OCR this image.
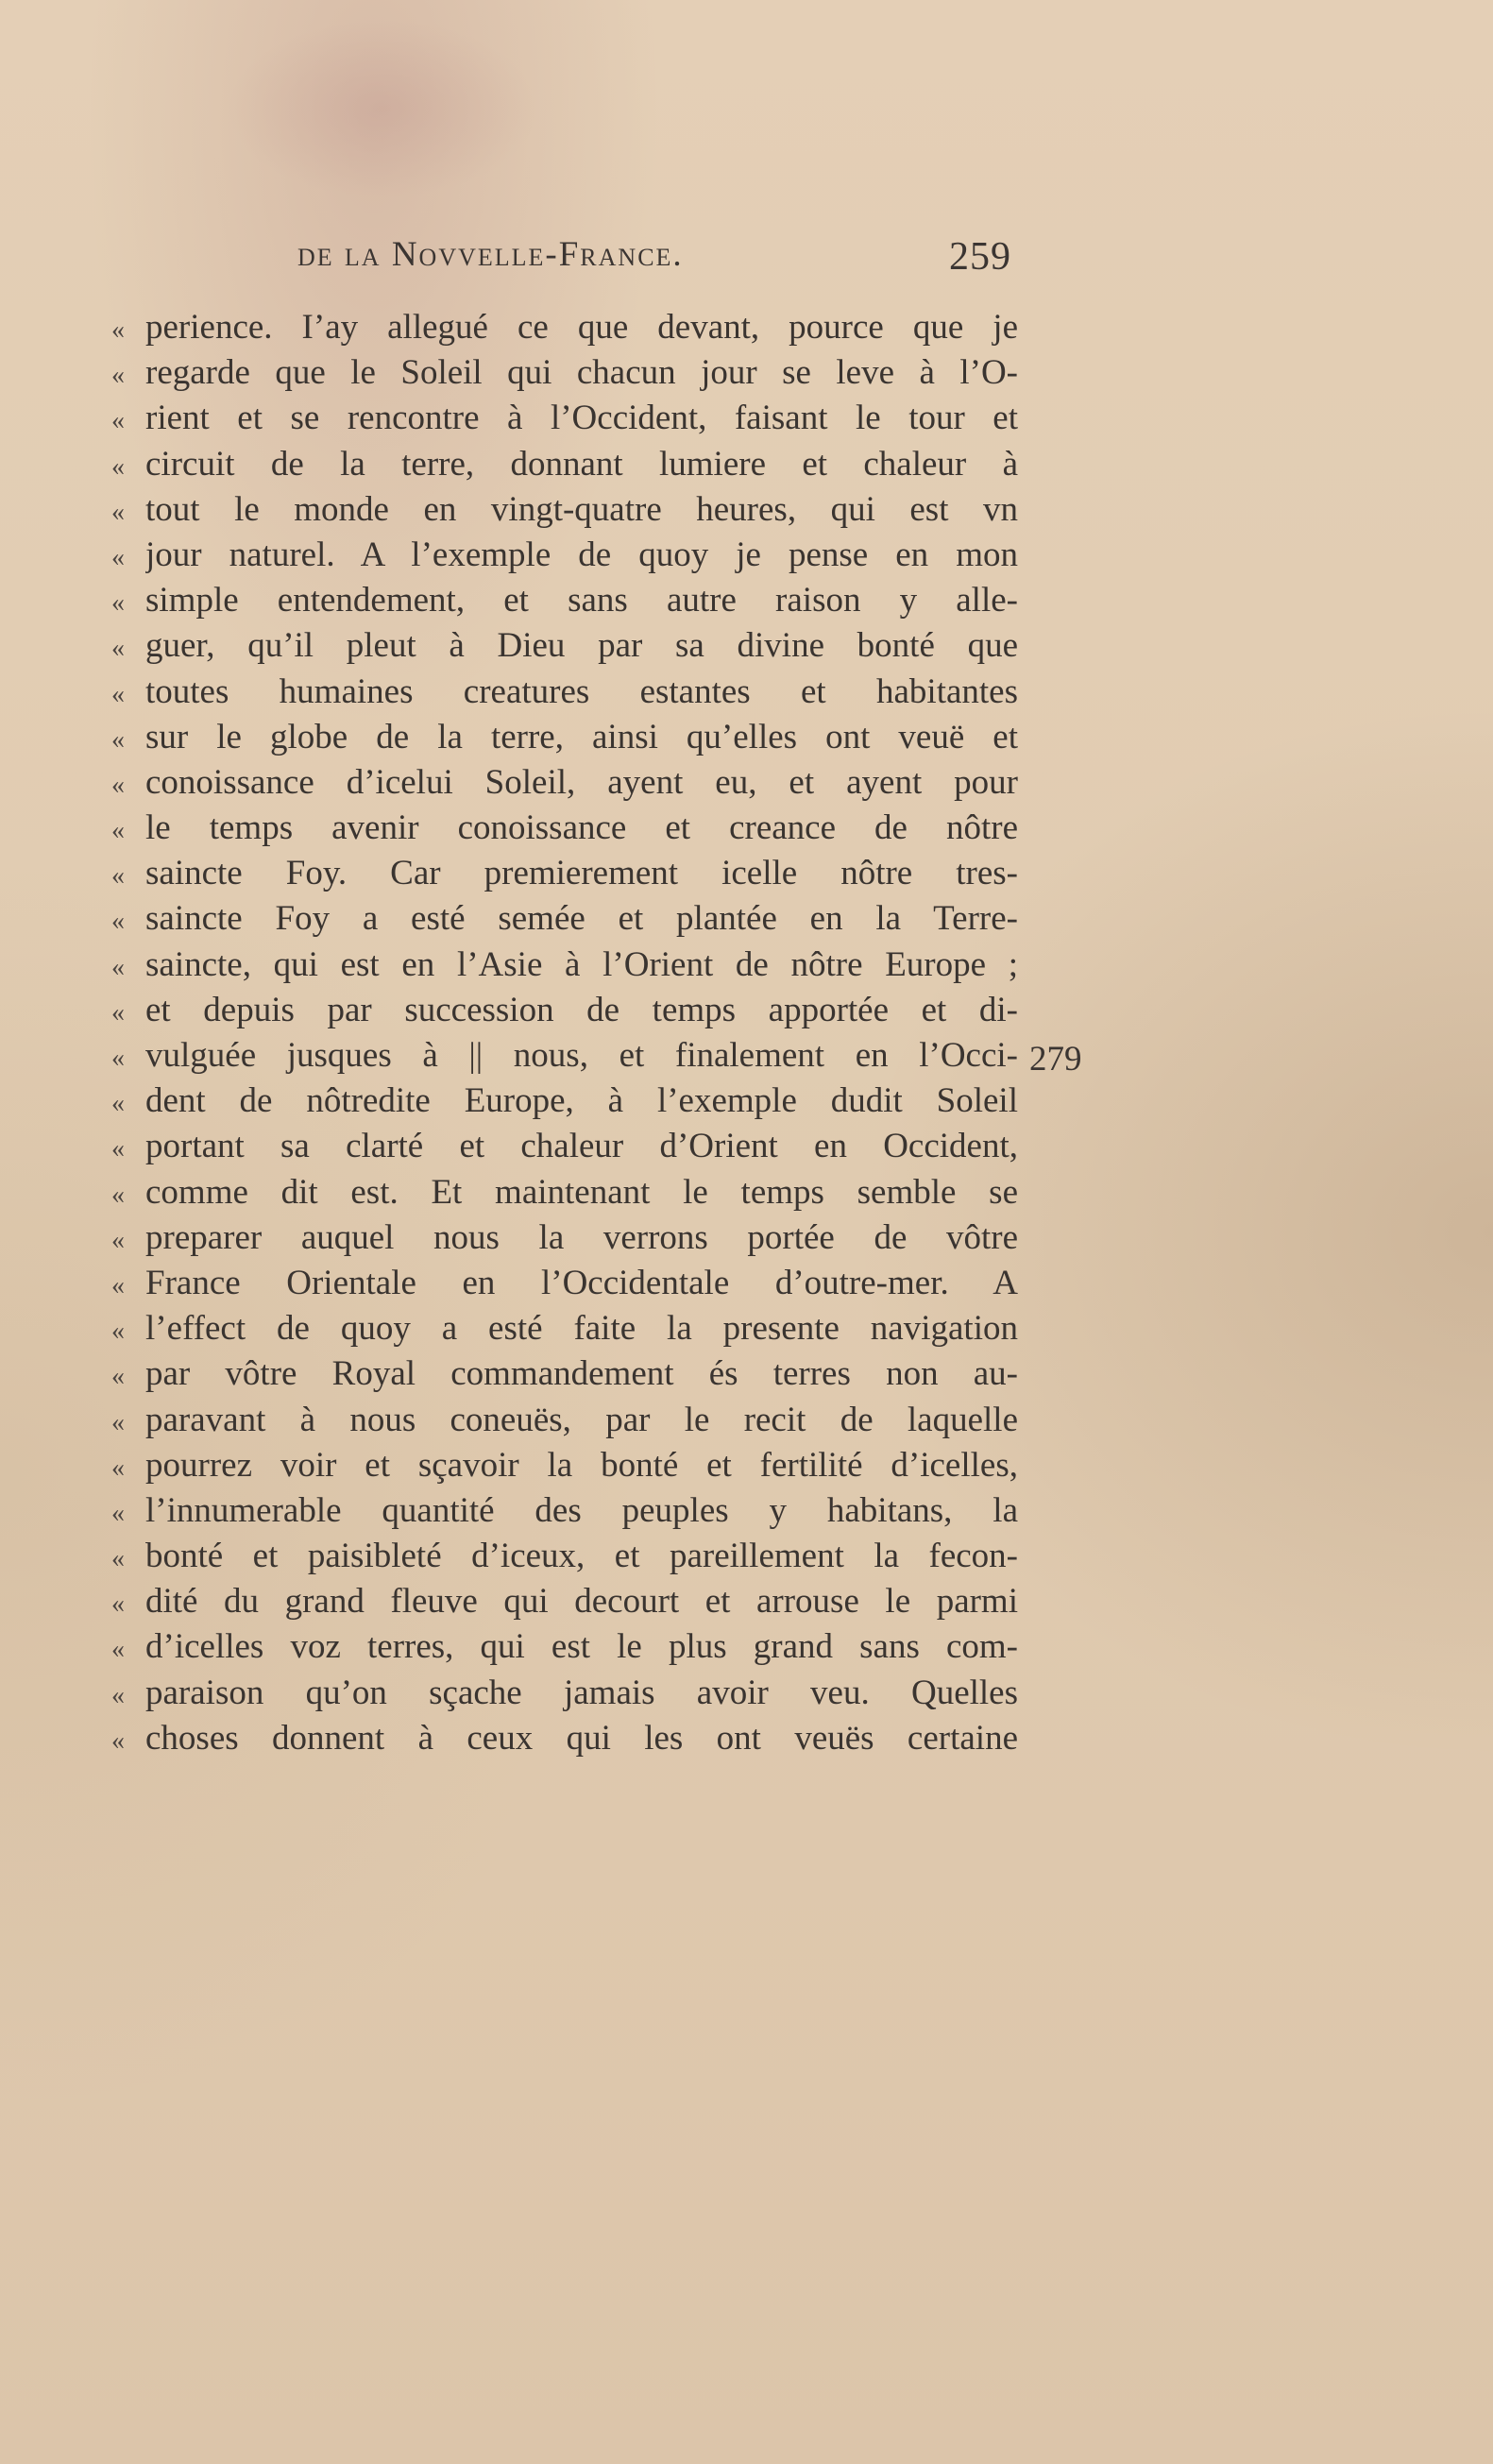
de la Novvelle-France.	259
« perience. I’ay allegué ce que devant, pource que je
« regarde que le Soleil qui chacun jour se leve à l’O-
« rient et se rencontre à l’Occident, faisant le tour et
« circuit de la terre, donnant lumiere et chaleur à
« tout le monde en vingt-quatre heures, qui est vn
« jour naturel. A l’exemple de quoy je pense en mon
« simple entendement, et sans autre raison y alle-
« guer, qu’il pleut à Dieu par sa divine bonté que
« toutes humaines creatures estantes et habitantes
« sur le globe de la terre, ainsi qu’elles ont veuë et
« conoissance d’icelui Soleil, ayent eu, et ayent pour
« le temps avenir conoissance et creance de nôtre
« saincte Foy. Car premierement icelle nôtre tres-
« saincte Foy a esté semée et plantée en la Terre-
« saincte, qui est en l’Asie à l’Orient de nôtre Europe ;
« et depuis par succession de temps apportée et di-
« vulguée jusques à || nous, et finalement en l’Occi-
« dent de nôtredite Europe, à l’exemple dudit Soleil
« portant sa clarté et chaleur d’Orient en Occident,
« comme dit est. Et maintenant le temps semble se
« preparer auquel nous la verrons portée de vôtre
« France Orientale en l’Occidentale d’outre-mer. A
« l’effect de quoy a esté faite la presente navigation
« par vôtre Royal commandement és terres non au-
« paravant à nous coneuës, par le recit de laquelle
« pourrez voir et sçavoir la bonté et fertilité d’icelles,
« l’innumerable quantité des peuples y habitans, la
« bonté et paisibleté d’iceux, et pareillement la fecon-
« dité du grand fleuve qui decourt et arrouse le parmi
« d’icelles voz terres, qui est le plus grand sans com-
« paraison qu’on sçache jamais avoir veu. Quelles
« choses donnent à ceux qui les ont veuës certaine
279
